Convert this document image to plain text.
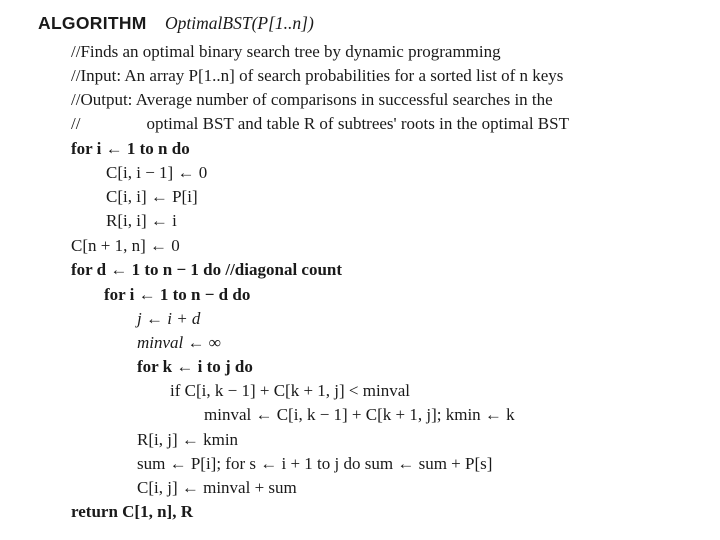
ALGORITHM OptimalBST(P[1..n])
//Finds an optimal binary search tree by dynamic programming
//Input: An array P[1..n] of search probabilities for a sorted list of n keys
//Output: Average number of comparisons in successful searches in the
//	optimal BST and table R of subtrees' roots in the optimal BST
for i ← 1 to n do
C[i, i − 1] ← 0
C[i, i] ← P[i]
R[i, i] ← i
C[n + 1, n] ← 0
for d ← 1 to n − 1 do //diagonal count
for i ← 1 to n − d do
j ← i + d
minval ← ∞
for k ← i to j do
if C[i, k − 1] + C[k + 1, j] < minval
minval ← C[i, k − 1] + C[k + 1, j]; kmin ← k
R[i, j] ← kmin
sum ← P[i]; for s ← i + 1 to j do sum ← sum + P[s]
C[i, j] ← minval + sum
return C[1, n], R
